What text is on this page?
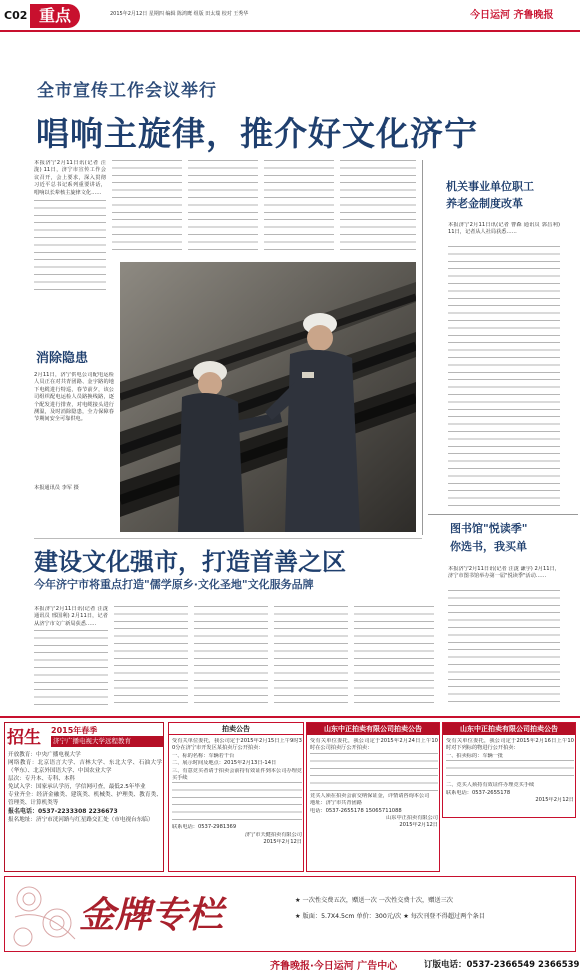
C02 重点	2015年2月12日 星期四 编辑 陈鸿鹰 组版 田太瑞 校对 王秀华	今日运河 齐鲁晚报
全市宣传工作会议举行
唱响主旋律，推介好文化济宁
本报济宁2月11日讯(记者 汪泷) 11日，济宁市宣传工作会议召开，会上要求，深入贯彻习近平总书记系列重要讲话，唱响以长辈核主旋律文化……
消除隐患
2月11日，济宁供电公司配电运检人员正在对共青团路、金宇路的地下电缆进行特巡，春节前夕，该公司组织配电运检人员路换线路，逐个配发进行排查，对电缆接头进行测温，及时消除隐患，全力保障春节期间安全可靠供电。
本报通讯员 李军 摄
机关事业单位职工
养老金制度改革
本报济宁2月11日讯(记者 曹森 通讯员 郭昌利) 11日，记者从人社局获悉……
图书馆"悦读季"
你选书，我买单
本报济宁2月11日讯(记者 汪泷 谦宇) 2月11日，济宁市图书馆举办第一届"悦读季"活动……
建设文化强市，打造首善之区
今年济宁市将重点打造"儒学原乡·文化圣地"文化服务品牌
本报济宁2月11日讯(记者 汪泷 通讯员 邢国利) 2月11日，记者从济宁市文广新局获悉……
招生 2015年春季
济宁广播电视大学远程教育
开放教育：中央广播电视大学
网络教育：北京语言大学、吉林大学、东北大学、石油大学（华东）、北京外国语大学、中国农业大学
层次：专升本、专科、本科
免试入学：国家承认学历，学信网可查，最低2.5年毕业
专业齐全：经济金融类、建筑类、机械类、护理类、教育类、管理类、计算机类等
报名电话：0537-2233308 2236673
报名地址：济宁市洸河路与红星路交汇处（市电视台东临）
拍卖公告
受有关单位委托，我公司定于2015年2月15日上午9时30分在济宁市开发区某拍卖厅公开拍卖：
一、标的名称：车辆若干台
二、展示时间及地点：2015年2月13日-14日
三、有意竞买者请于拍卖会前持有效证件到本公司办理竞买手续
联系电话：0537-2981369
济宁市天健拍卖有限公司
2015年2月12日
山东中正拍卖有限公司拍卖公告
受有关单位委托，我公司定于2015年2月24日上午10时在公司拍卖厅公开拍卖：
竞买人须在拍卖会前交纳保证金，详情请咨询本公司
地址：济宁市共青团路
电话：0537-2655178 15065711088
山东中正拍卖有限公司
2015年2月12日
山东中正拍卖有限公司拍卖公告
受有关单位委托，我公司定于2015年2月16日上午10时对下列标的物进行公开拍卖：
一、拍卖标的：车辆一批
二、竞买人须持有效证件办理竞买手续
联系电话：0537-2655178
2015年2月12日
金牌专栏	★ 一次性交费五次，赠送一次 一次性交费十次，赠送三次
★ 版面：5.7X4.5cm 单价：300元/次 ★ 每次刊登不得超过两个条目
齐鲁晚报·今日运河 广告中心	订版电话：0537-2366549 2366539
